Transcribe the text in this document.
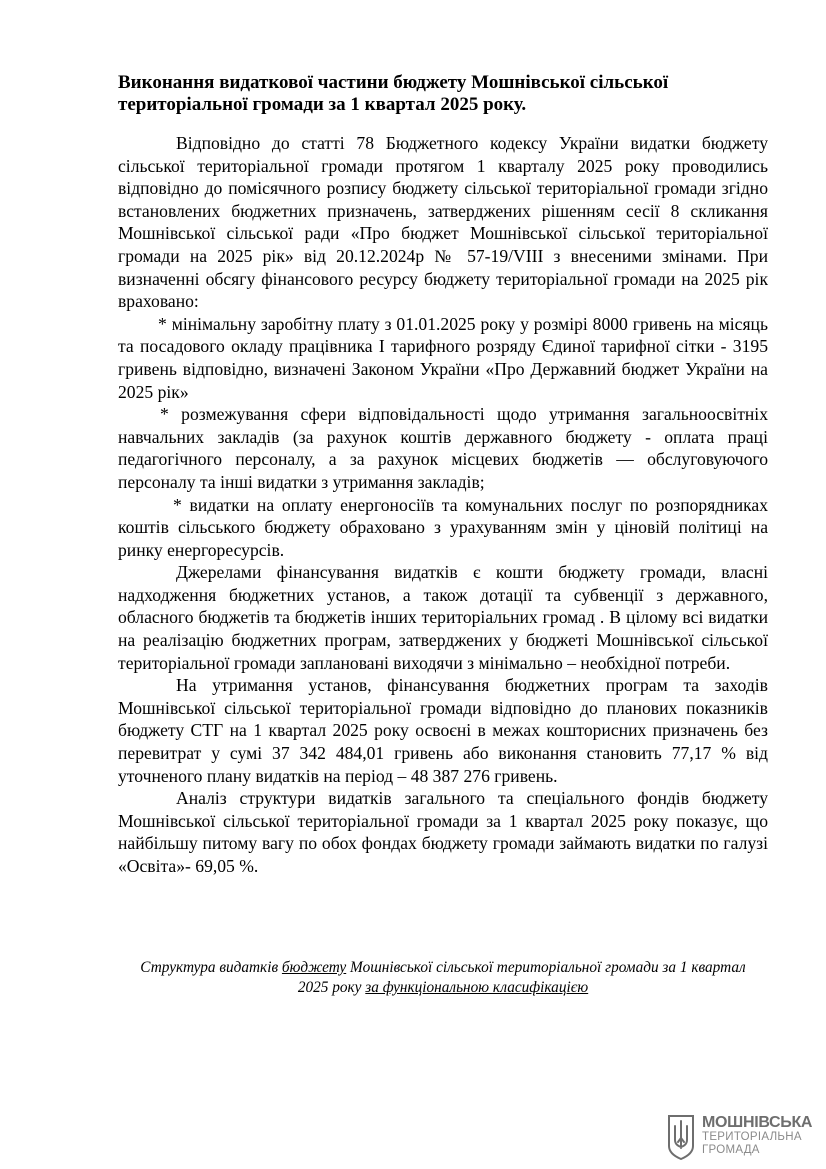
Виконання видаткової частини бюджету Мошнівської сільської
територіальної громади за 1 квартал 2025 року.

Відповідно до статті 78 Бюджетного кодексу України видатки бюджету сільської територіальної громади протягом 1 кварталу 2025 року проводились відповідно до помісячного розпису бюджету сільської територіальної громади згідно встановлених бюджетних призначень, затверджених рішенням сесії 8 скликання Мошнівської сільської ради «Про бюджет Мошнівської сільської територіальної громади на 2025 рік» від 20.12.2024р № 57-19/VIII з внесеними змінами. При визначенні обсягу фінансового ресурсу бюджету територіальної громади на 2025 рік враховано:

* мінімальну заробітну плату з 01.01.2025 року у розмірі 8000 гривень на місяць та посадового окладу працівника І тарифного розряду Єдиної тарифної сітки - 3195 гривень відповідно, визначені Законом України «Про Державний бюджет України на 2025 рік»

* розмежування сфери відповідальності щодо утримання загальноосвітніх навчальних закладів (за рахунок коштів державного бюджету - оплата праці педагогічного персоналу, а за рахунок місцевих бюджетів — обслуговуючого персоналу та інші видатки з утримання закладів;

* видатки на оплату енергоносіїв та комунальних послуг по розпорядниках коштів сільського бюджету обраховано з урахуванням змін у ціновій політиці на ринку енергоресурсів.

Джерелами фінансування видатків є кошти бюджету громади, власні надходження бюджетних установ, а також дотації та субвенції з державного, обласного бюджетів та бюджетів інших територіальних громад . В цілому всі видатки на реалізацію бюджетних програм, затверджених у бюджеті Мошнівської сільської територіальної громади заплановані виходячи з мінімально – необхідної потреби.

На утримання установ, фінансування бюджетних програм та заходів Мошнівської сільської територіальної громади відповідно до планових показників бюджету СТГ на 1 квартал 2025 року освоєні в межах кошторисних призначень без перевитрат у сумі 37 342 484,01 гривень або виконання становить 77,17 % від уточненого плану видатків на період – 48 387 276 гривень.

Аналіз структури видатків загального та спеціального фондів бюджету Мошнівської сільської територіальної громади за 1 квартал 2025 року показує, що найбільшу питому вагу по обох фондах бюджету громади займають видатки по галузі «Освіта»- 69,05 %.

Структура видатків бюджету Мошнівської сільської територіальної громади за 1 квартал 2025 року за функціональною класифікацією
МОШНІВСЬКА
ТЕРИТОРІАЛЬНА
ГРОМАДА
